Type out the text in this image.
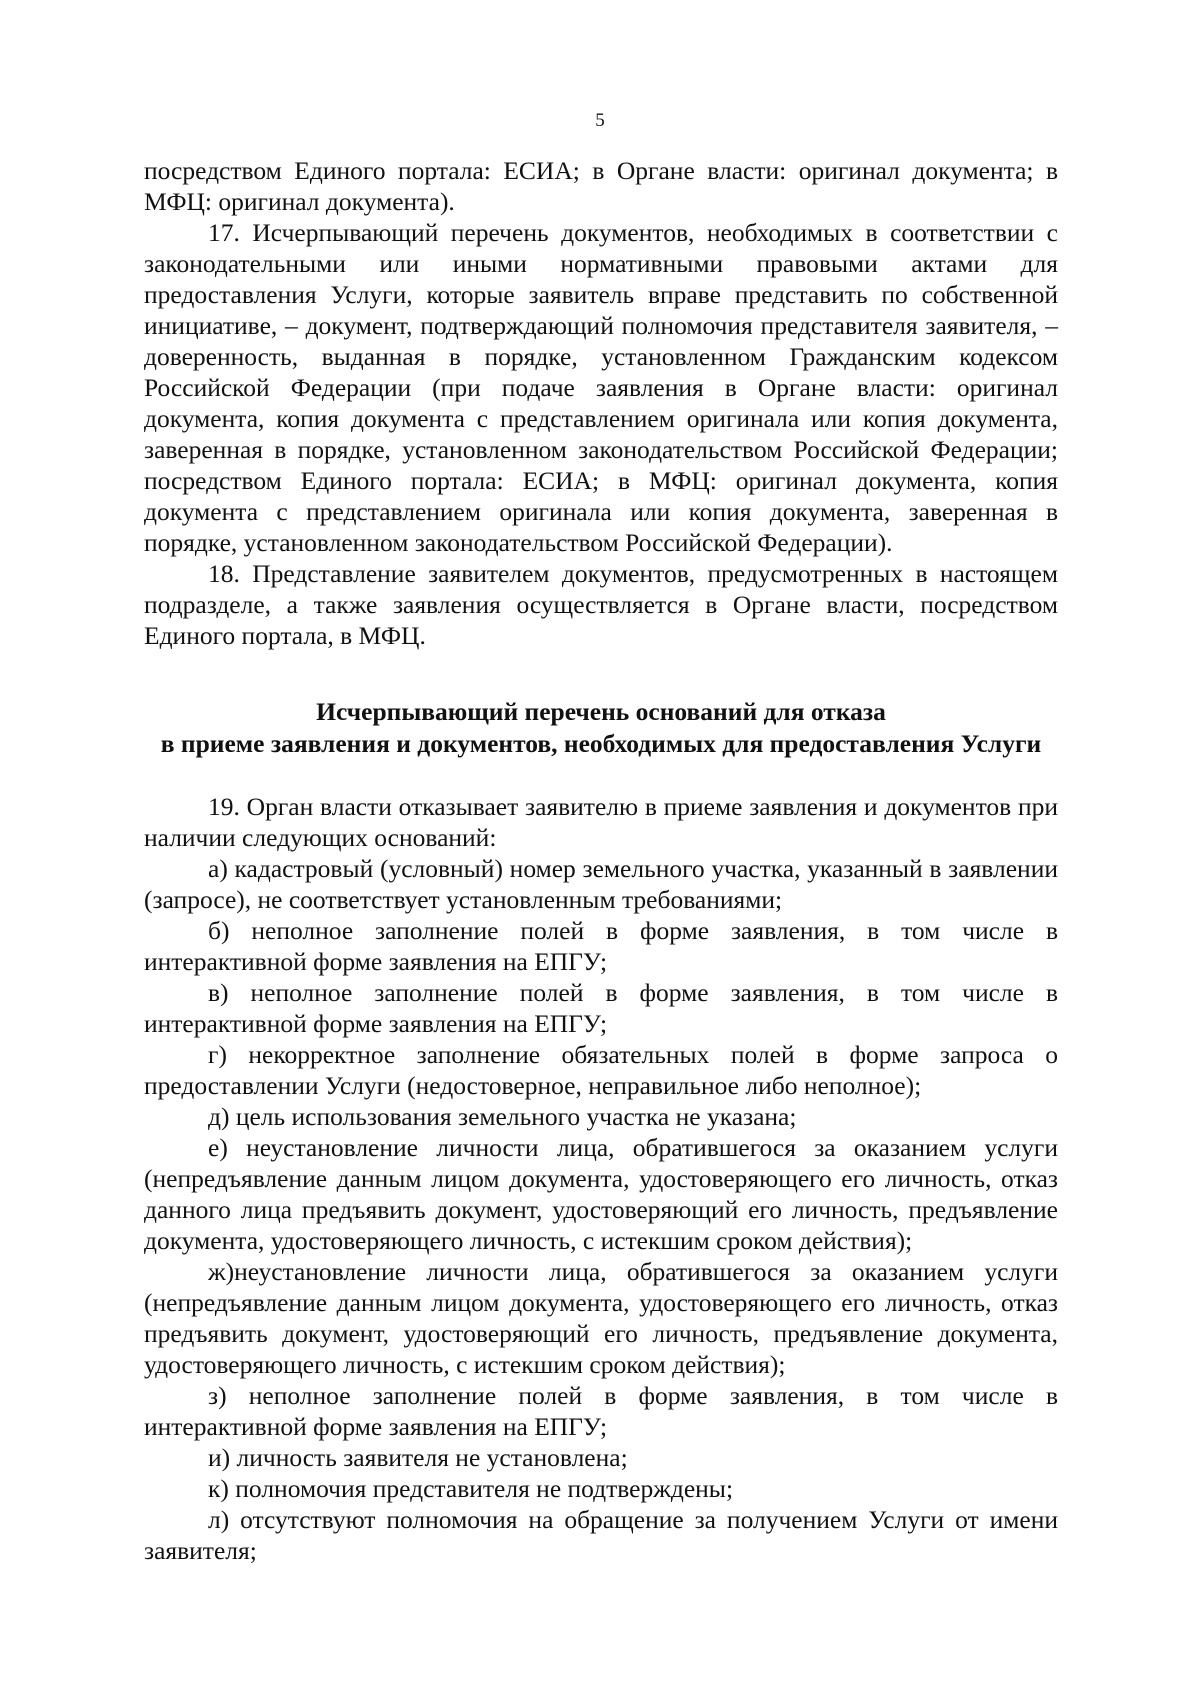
5

посредством Единого портала: ЕСИА; в Органе власти: оригинал документа; в МФЦ: оригинал документа).

17. Исчерпывающий перечень документов, необходимых в соответствии с законодательными или иными нормативными правовыми актами для предоставления Услуги, которые заявитель вправе представить по собственной инициативе, – документ, подтверждающий полномочия представителя заявителя, – доверенность, выданная в порядке, установленном Гражданским кодексом Российской Федерации (при подаче заявления в Органе власти: оригинал документа, копия документа с представлением оригинала или копия документа, заверенная в порядке, установленном законодательством Российской Федерации; посредством Единого портала: ЕСИА; в МФЦ: оригинал документа, копия документа с представлением оригинала или копия документа, заверенная в порядке, установленном законодательством Российской Федерации).

18. Представление заявителем документов, предусмотренных в настоящем подразделе, а также заявления осуществляется в Органе власти, посредством Единого портала, в МФЦ.

Исчерпывающий перечень оснований для отказа
в приеме заявления и документов, необходимых для предоставления Услуги

19. Орган власти отказывает заявителю в приеме заявления и документов при наличии следующих оснований:

а) кадастровый (условный) номер земельного участка, указанный в заявлении (запросе), не соответствует установленным требованиями;

б) неполное заполнение полей в форме заявления, в том числе в интерактивной форме заявления на ЕПГУ;

в) неполное заполнение полей в форме заявления, в том числе в интерактивной форме заявления на ЕПГУ;

г) некорректное заполнение обязательных полей в форме запроса о предоставлении Услуги (недостоверное, неправильное либо неполное);

д) цель использования земельного участка не указана;

е) неустановление личности лица, обратившегося за оказанием услуги (непредъявление данным лицом документа, удостоверяющего его личность, отказ данного лица предъявить документ, удостоверяющий его личность, предъявление документа, удостоверяющего личность, с истекшим сроком действия);

ж)неустановление личности лица, обратившегося за оказанием услуги (непредъявление данным лицом документа, удостоверяющего его личность, отказ предъявить документ, удостоверяющий его личность, предъявление документа, удостоверяющего личность, с истекшим сроком действия);

з) неполное заполнение полей в форме заявления, в том числе в интерактивной форме заявления на ЕПГУ;

и) личность заявителя не установлена;

к) полномочия представителя не подтверждены;

л) отсутствуют полномочия на обращение за получением Услуги от имени заявителя;
